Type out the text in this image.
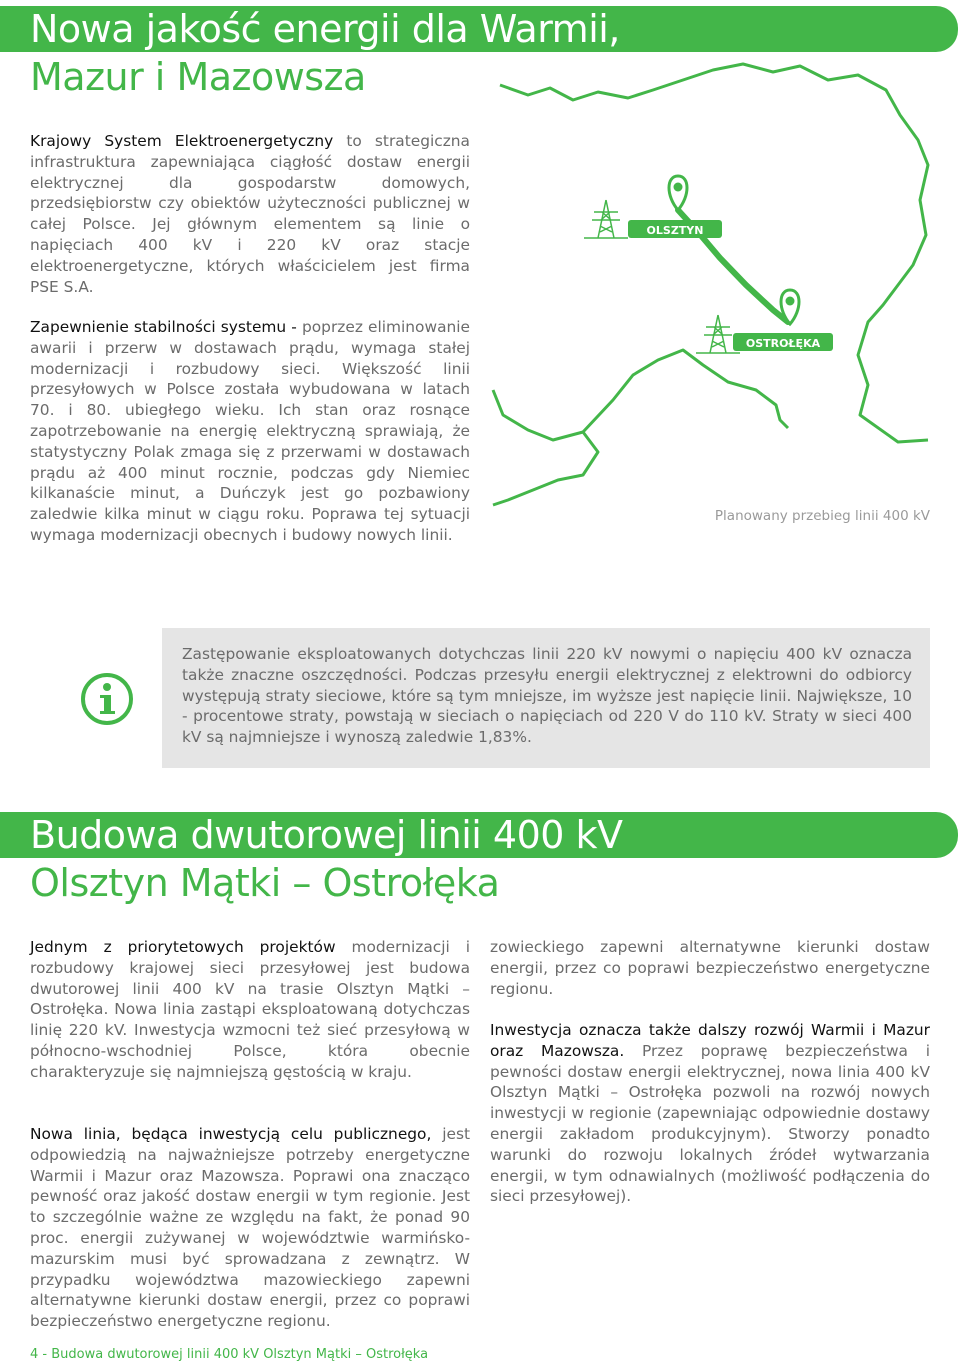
Nowa jakość energii dla Warmii,
Mazur i Mazowsza

Krajowy System Elektroenergetyczny to strategiczna infrastruktura zapewniająca ciągłość dostaw energii elektrycznej dla gospodarstw domowych, przedsiębiorstw czy obiektów użyteczności publicznej w całej Polsce. Jej głównym elementem są linie o napięciach 400 kV i 220 kV oraz stacje elektroenergetyczne, których właścicielem jest firma PSE S.A.

Zapewnienie stabilności systemu - poprzez eliminowanie awarii i przerw w dostawach prądu, wymaga stałej modernizacji i rozbudowy sieci. Większość linii przesyłowych w Polsce została wybudowana w latach 70. i 80. ubiegłego wieku. Ich stan oraz rosnące zapotrzebowanie na energię elektryczną sprawiają, że statystyczny Polak zmaga się z przerwami w dostawach prądu aż 400 minut rocznie, podczas gdy Niemiec kilkanaście minut, a Duńczyk jest go pozbawiony zaledwie kilka minut w ciągu roku. Poprawa tej sytuacji wymaga modernizacji obecnych i budowy nowych linii.

OLSZTYN
OSTROŁĘKA
Planowany przebieg linii 400 kV

Zastępowanie eksploatowanych dotychczas linii 220 kV nowymi o napięciu 400 kV oznacza także znaczne oszczędności. Podczas przesyłu energii elektrycznej z elektrowni do odbiorcy występują straty sieciowe, które są tym mniejsze, im wyższe jest napięcie linii. Największe, 10 - procentowe straty, powstają w sieciach o napięciach od 220 V do 110 kV. Straty w sieci 400 kV są najmniejsze i wynoszą zaledwie 1,83%.

Budowa dwutorowej linii 400 kV
Olsztyn Mątki – Ostrołęka

Jednym z priorytetowych projektów modernizacji i rozbudowy krajowej sieci przesyłowej jest budowa dwutorowej linii 400 kV na trasie Olsztyn Mątki – Ostrołęka. Nowa linia zastąpi eksploatowaną dotychczas linię 220 kV. Inwestycja wzmocni też sieć przesyłową w północno-wschodniej Polsce, która obecnie charakteryzuje się najmniejszą gęstością w kraju.

Nowa linia, będąca inwestycją celu publicznego, jest odpowiedzią na najważniejsze potrzeby energetyczne Warmii i Mazur oraz Mazowsza. Poprawi ona znacząco pewność oraz jakość dostaw energii w tym regionie. Jest to szczególnie ważne ze względu na fakt, że ponad 90 proc. energii zużywanej w województwie warmińsko-mazurskim musi być sprowadzana z zewnątrz. W przypadku województwa mazowieckiego zapewni alternatywne kierunki dostaw energii, przez co poprawi bezpieczeństwo energetyczne regionu.

zowieckiego zapewni alternatywne kierunki dostaw energii, przez co poprawi bezpieczeństwo energetyczne regionu.

Inwestycja oznacza także dalszy rozwój Warmii i Mazur oraz Mazowsza. Przez poprawę bezpieczeństwa i pewności dostaw energii elektrycznej, nowa linia 400 kV Olsztyn Mątki – Ostrołęka pozwoli na rozwój nowych inwestycji w regionie (zapewniając odpowiednie dostawy energii zakładom produkcyjnym). Stworzy ponadto warunki do rozwoju lokalnych źródeł wytwarzania energii, w tym odnawialnych (możliwość podłączenia do sieci przesyłowej).

4 - Budowa dwutorowej linii 400 kV Olsztyn Mątki – Ostrołęka
